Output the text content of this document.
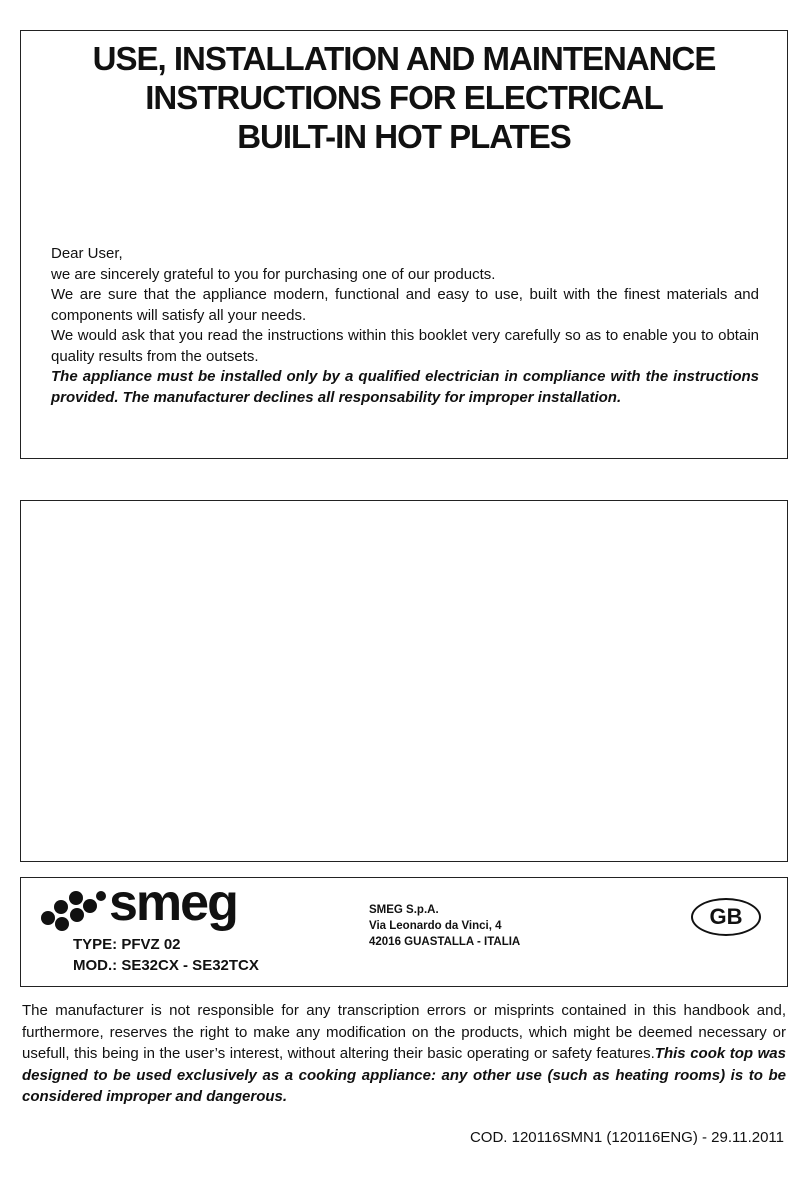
USE, INSTALLATION AND MAINTENANCE
INSTRUCTIONS FOR ELECTRICAL
BUILT-IN HOT PLATES

Dear User,

we are sincerely grateful to you for purchasing one of our products.

We are sure that the appliance modern, functional and easy to use, built with the finest materials and components will satisfy all your needs.

We would ask that you read the instructions within this booklet very carefully so as to enable you to obtain quality results from the outsets.

The appliance must be installed only by a qualified electrician in compliance with the instructions provided. The manufacturer declines all responsability for improper installation.

smeg
TYPE: PFVZ 02
MOD.: SE32CX - SE32TCX
SMEG S.p.A.
Via Leonardo da Vinci, 4
42016 GUASTALLA - ITALIA
GB
The manufacturer is not responsible for any transcription errors or misprints contained in this handbook and, furthermore, reserves the right to make any modification on the products, which might be deemed necessary or usefull, this being in the user’s interest, without altering their basic operating or safety features.This cook top was designed to be used exclusively as a cooking appliance: any other use (such as heating rooms) is to be considered improper and dangerous.
COD. 120116SMN1 (120116ENG) - 29.11.2011
